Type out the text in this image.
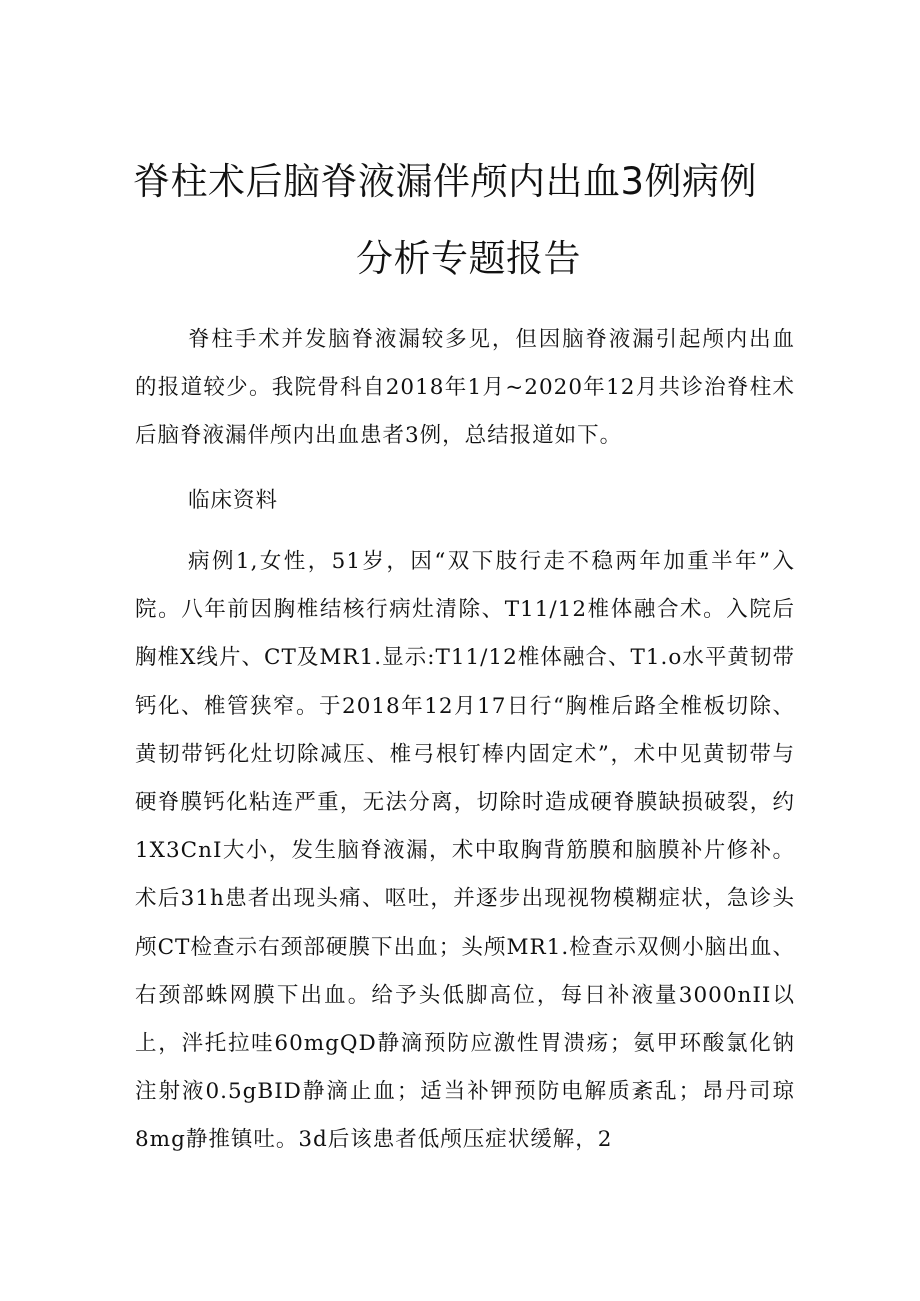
脊柱术后脑脊液漏伴颅内出血3例病例
分析专题报告

脊柱手术并发脑脊液漏较多见，但因脑脊液漏引起颅内出血的报道较少。我院骨科自2018年1月~2020年12月共诊治脊柱术后脑脊液漏伴颅内出血患者3例，总结报道如下。

临床资料

病例1,女性，51岁，因“双下肢行走不稳两年加重半年”入院。八年前因胸椎结核行病灶清除、T11/12椎体融合术。入院后胸椎X线片、CT及MR1.显示:T11/12椎体融合、T1.o水平黄韧带钙化、椎管狭窄。于2018年12月17日行“胸椎后路全椎板切除、黄韧带钙化灶切除减压、椎弓根钉棒内固定术”，术中见黄韧带与硬脊膜钙化粘连严重，无法分离，切除时造成硬脊膜缺损破裂，约1X3CnI大小，发生脑脊液漏，术中取胸背筋膜和脑膜补片修补。术后31h患者出现头痛、呕吐，并逐步出现视物模糊症状，急诊头颅CT检查示右颈部硬膜下出血；头颅MR1.检查示双侧小脑出血、右颈部蛛网膜下出血。给予头低脚高位，每日补液量3000nII以上，泮托拉哇60mgQD静滴预防应激性胃溃疡；氨甲环酸氯化钠注射液0.5gBID静滴止血；适当补钾预防电解质紊乱；昂丹司琼8mg静推镇吐。3d后该患者低颅压症状缓解，2
